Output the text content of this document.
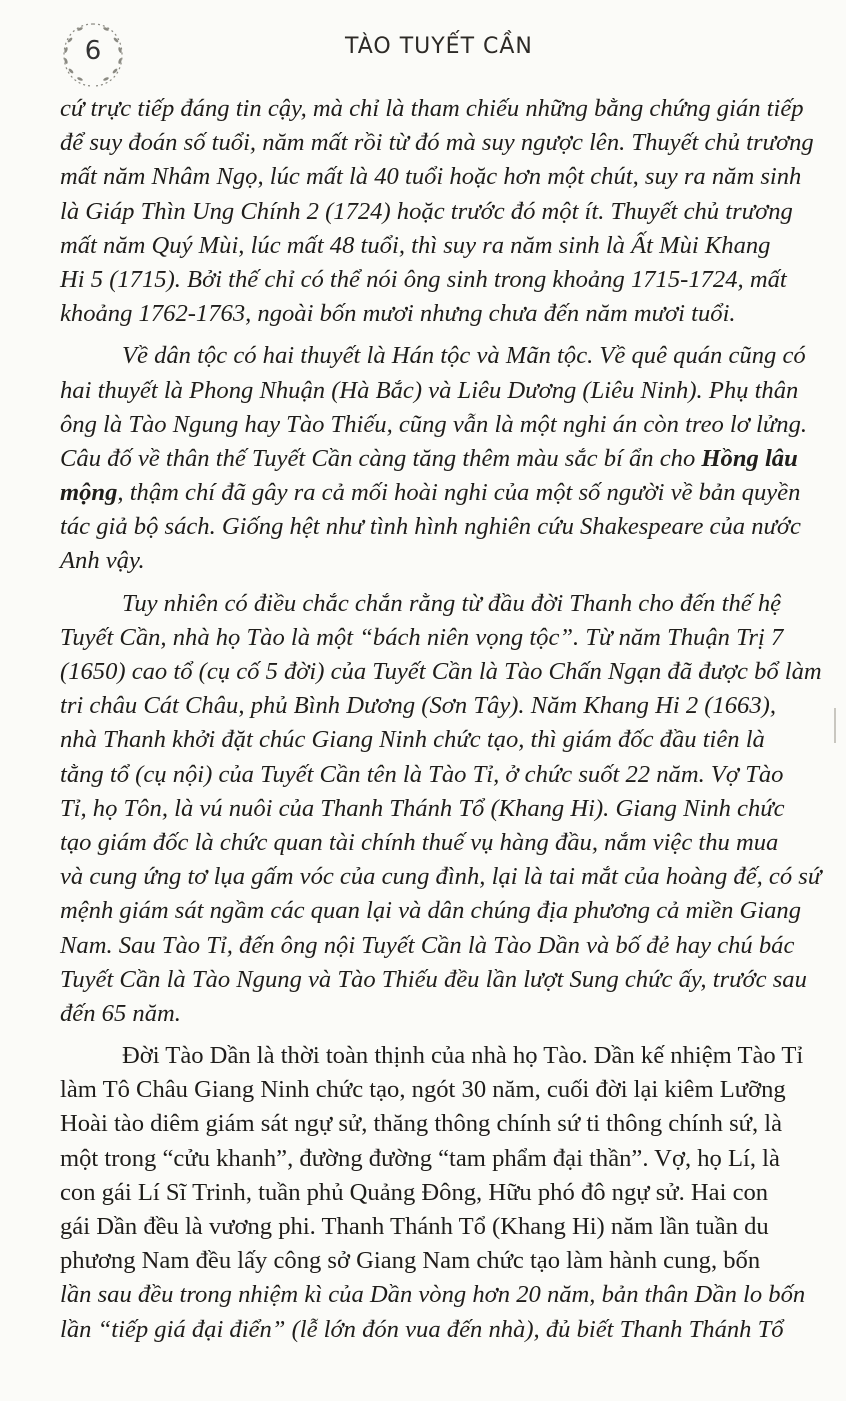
6	TÀO TUYẾT CẦN
cứ trực tiếp đáng tin cậy, mà chỉ là tham chiếu những bằng chứng gián tiếp
để suy đoán số tuổi, năm mất rồi từ đó mà suy ngược lên. Thuyết chủ trương
mất năm Nhâm Ngọ, lúc mất là 40 tuổi hoặc hơn một chút, suy ra năm sinh
là Giáp Thìn Ung Chính 2 (1724) hoặc trước đó một ít. Thuyết chủ trương
mất năm Quý Mùi, lúc mất 48 tuổi, thì suy ra năm sinh là Ất Mùi Khang
Hi 5 (1715). Bởi thế chỉ có thể nói ông sinh trong khoảng 1715-1724, mất
khoảng 1762-1763, ngoài bốn mươi nhưng chưa đến năm mươi tuổi.
Về dân tộc có hai thuyết là Hán tộc và Mãn tộc. Về quê quán cũng có
hai thuyết là Phong Nhuận (Hà Bắc) và Liêu Dương (Liêu Ninh). Phụ thân
ông là Tào Ngung hay Tào Thiếu, cũng vẫn là một nghi án còn treo lơ lửng.
Câu đố về thân thế Tuyết Cần càng tăng thêm màu sắc bí ẩn cho Hồng lâu
mộng, thậm chí đã gây ra cả mối hoài nghi của một số người về bản quyền
tác giả bộ sách. Giống hệt như tình hình nghiên cứu Shakespeare của nước
Anh vậy.
Tuy nhiên có điều chắc chắn rằng từ đầu đời Thanh cho đến thế hệ
Tuyết Cần, nhà họ Tào là một “bách niên vọng tộc”. Từ năm Thuận Trị 7
(1650) cao tổ (cụ cố 5 đời) của Tuyết Cần là Tào Chấn Ngạn đã được bổ làm
tri châu Cát Châu, phủ Bình Dương (Sơn Tây). Năm Khang Hi 2 (1663),
nhà Thanh khởi đặt chúc Giang Ninh chức tạo, thì giám đốc đầu tiên là
tằng tổ (cụ nội) của Tuyết Cần tên là Tào Tỉ, ở chức suốt 22 năm. Vợ Tào
Tỉ, họ Tôn, là vú nuôi của Thanh Thánh Tổ (Khang Hi). Giang Ninh chức
tạo giám đốc là chức quan tài chính thuế vụ hàng đầu, nắm việc thu mua
và cung ứng tơ lụa gấm vóc của cung đình, lại là tai mắt của hoàng đế, có sứ
mệnh giám sát ngầm các quan lại và dân chúng địa phương cả miền Giang
Nam. Sau Tào Tỉ, đến ông nội Tuyết Cần là Tào Dần và bố đẻ hay chú bác
Tuyết Cần là Tào Ngung và Tào Thiếu đều lần lượt Sung chức ấy, trước sau
đến 65 năm.
Đời Tào Dần là thời toàn thịnh của nhà họ Tào. Dần kế nhiệm Tào Tỉ
làm Tô Châu Giang Ninh chức tạo, ngót 30 năm, cuối đời lại kiêm Lưỡng
Hoài tào diêm giám sát ngự sử, thăng thông chính sứ ti thông chính sứ, là
một trong “cửu khanh”, đường đường “tam phẩm đại thần”. Vợ, họ Lí, là
con gái Lí Sĩ Trinh, tuần phủ Quảng Đông, Hữu phó đô ngự sử. Hai con
gái Dần đều là vương phi. Thanh Thánh Tổ (Khang Hi) năm lần tuần du
phương Nam đều lấy công sở Giang Nam chức tạo làm hành cung, bốn
lần sau đều trong nhiệm kì của Dần vòng hơn 20 năm, bản thân Dần lo bốn
lần “tiếp giá đại điển” (lễ lớn đón vua đến nhà), đủ biết Thanh Thánh Tổ
